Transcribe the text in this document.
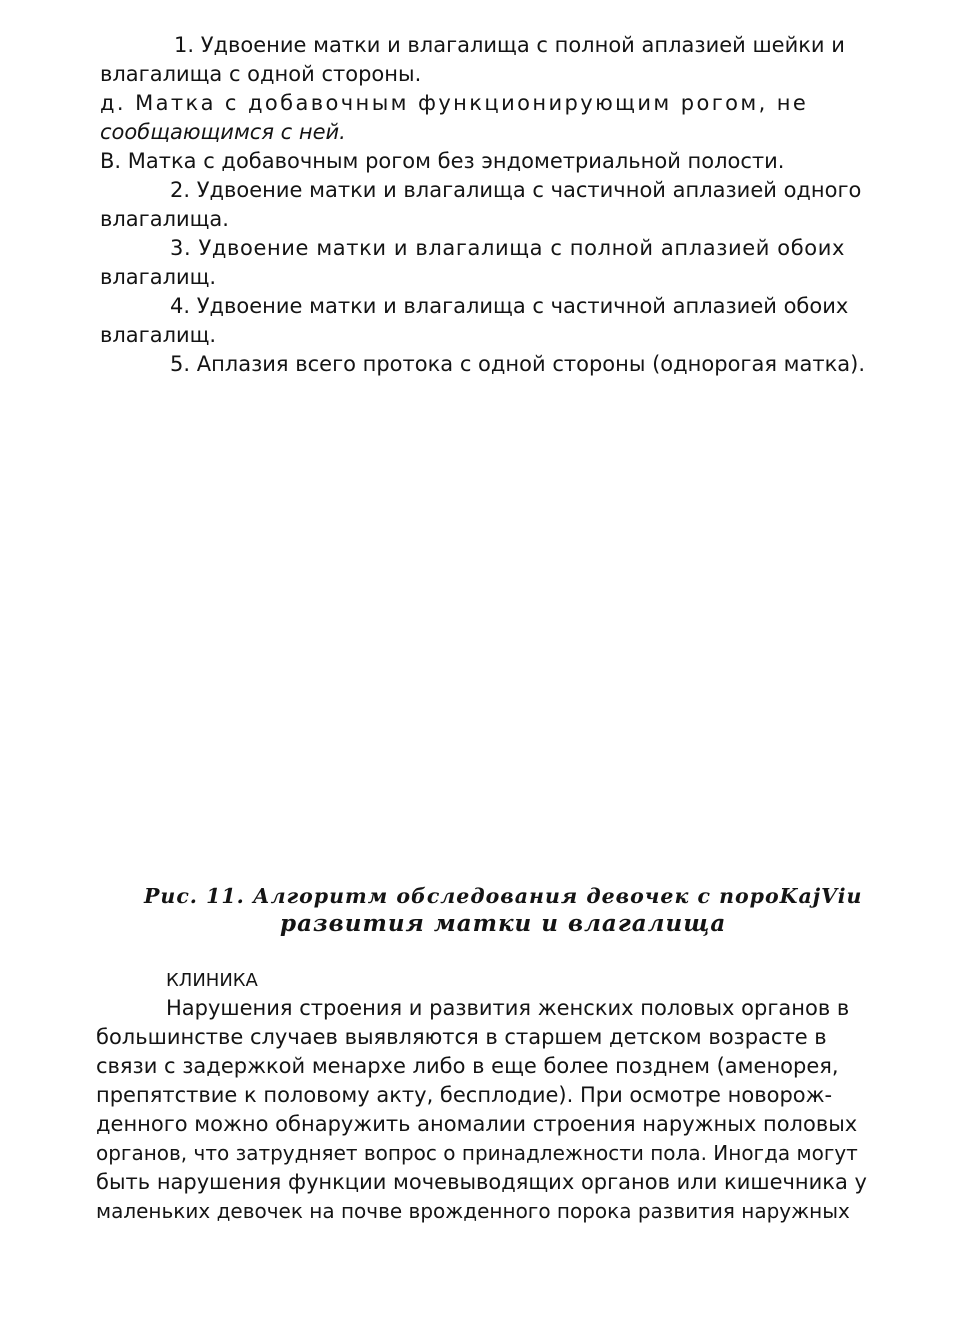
1. Удвоение матки и влагалища с полной аплазией шейки и
влагалища с одной стороны.
д. Матка с добавочным функционирующим рогом, не
сообщающимся с ней.
В. Матка с добавочным рогом без эндометриальной полости.
2. Удвоение матки и влагалища с частичной аплазией одного
влагалища.
3. Удвоение матки и влагалища с полной аплазией обоих
влагалищ.
4. Удвоение матки и влагалища с частичной аплазией обоих
влагалищ.
5. Аплазия всего протока с одной стороны (однорогая матка).
Рис. 11. Алгоритм обследования девочек с пороKajViu
развития матки и влагалища
КЛИНИКА
Нарушения строения и развития женских половых органов в
большинстве случаев выявляются в старшем детском возрасте в
связи с задержкой менархе либо в еще более позднем (аменорея,
препятствие к половому акту, бесплодие). При осмотре новорож-
денного можно обнаружить аномалии строения наружных половых
органов, что затрудняет вопрос о принадлежности пола. Иногда могут
быть нарушения функции мочевыводящих органов или кишечника у
маленьких девочек на почве врожденного порока развития наружных
